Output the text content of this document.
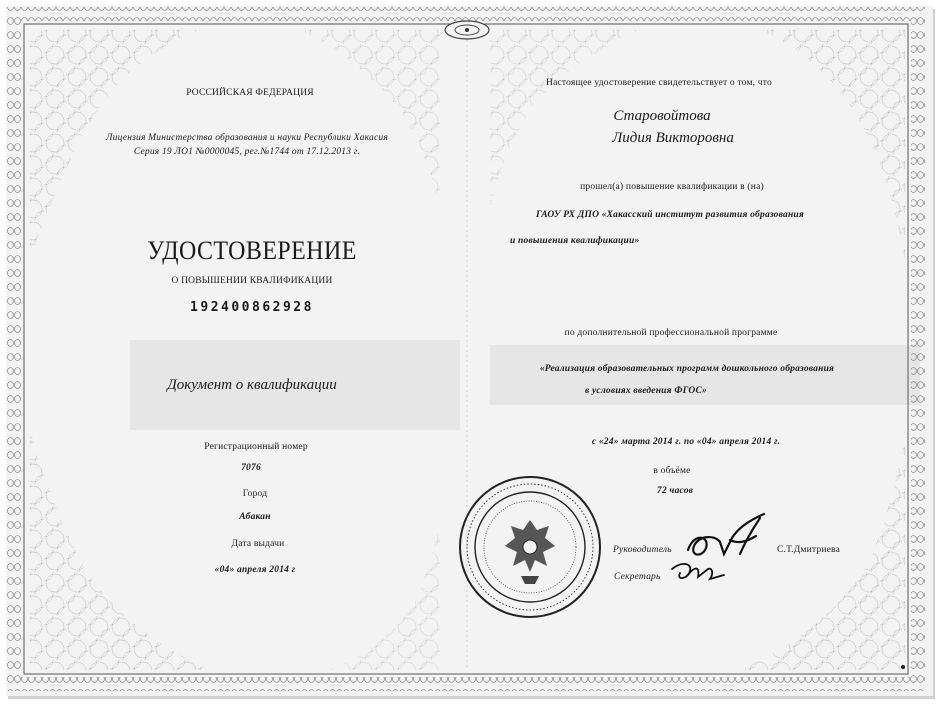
РОССИЙСКАЯ ФЕДЕРАЦИЯ
Лицензия Министерства образования и науки Республики Хакасия
Серия 19 ЛО1 №0000045, рег.№1744 от 17.12.2013 г.
УДОСТОВЕРЕНИЕ
О ПОВЫШЕНИИ КВАЛИФИКАЦИИ
192400862928
Документ о квалификации
Регистрационный номер
7076
Город
Абакан
Дата выдачи
«04» апреля 2014 г
Настоящее удостоверение свидетельствует о том, что
Старовойтова
Лидия Викторовна
прошел(а) повышение квалификации в (на)
ГАОУ РХ ДПО «Хакасский институт развития образования
и повышения квалификации»
по дополнительной профессиональной программе
«Реализация образовательных программ дошкольного образования
в условиях введения ФГОС»
с «24» марта 2014 г. по «04» апреля 2014 г.
в объёме
72 часов
Руководитель	С.Т.Дмитриева
Секретарь
